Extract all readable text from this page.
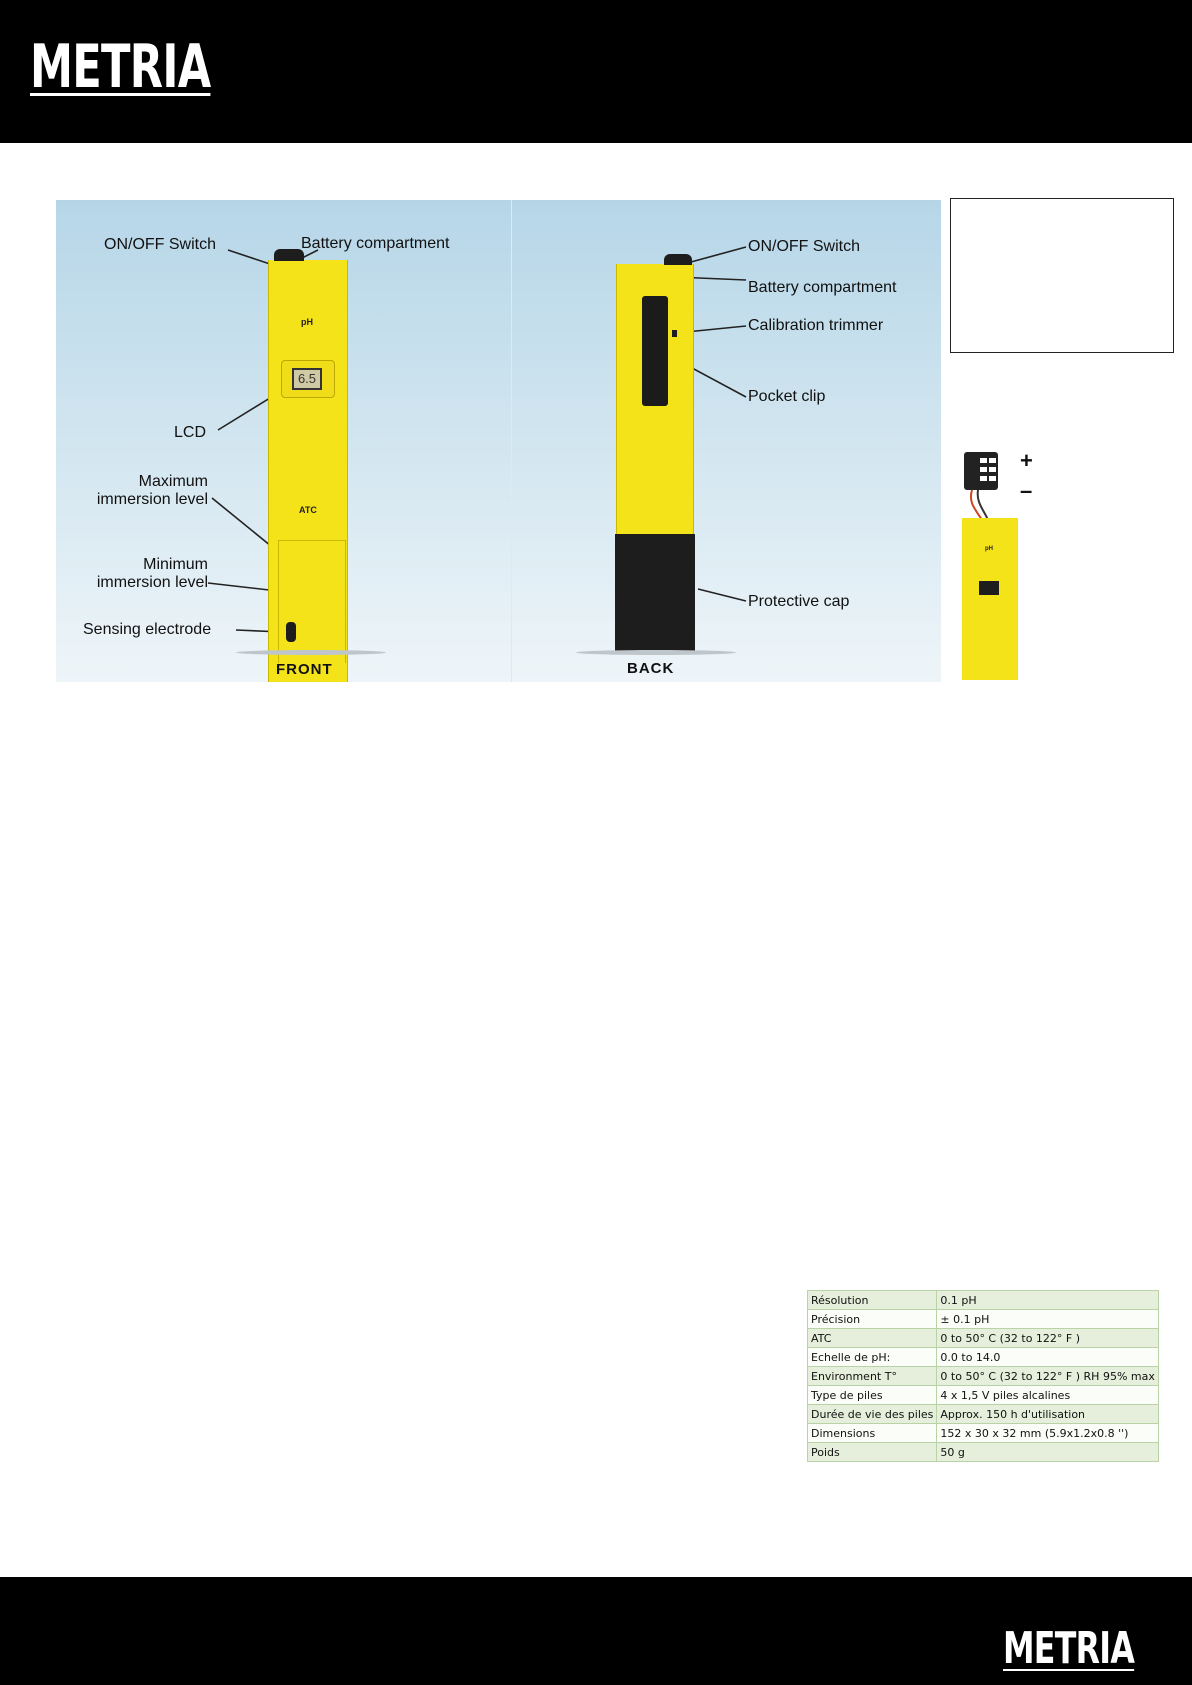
METRIA
pH
6.5
ATC
ON/OFF Switch	Battery compartment
LCD
Maximum
immersion level
Minimum
immersion level
Sensing electrode
FRONT
ON/OFF Switch
Battery compartment
Calibration trimmer
Pocket clip
Protective cap
BACK
+
–
pH
Résolution	0.1 pH
Précision	± 0.1 pH
ATC	0 to 50° C (32 to 122° F )
Echelle de pH:	0.0 to 14.0
Environment T°	0 to 50° C (32 to 122° F ) RH 95% max
Type de piles	4 x 1,5 V piles alcalines
Durée de vie des piles	Approx. 150 h d'utilisation
Dimensions	152 x 30 x 32 mm (5.9x1.2x0.8 '')
Poids	50 g
METRIA
